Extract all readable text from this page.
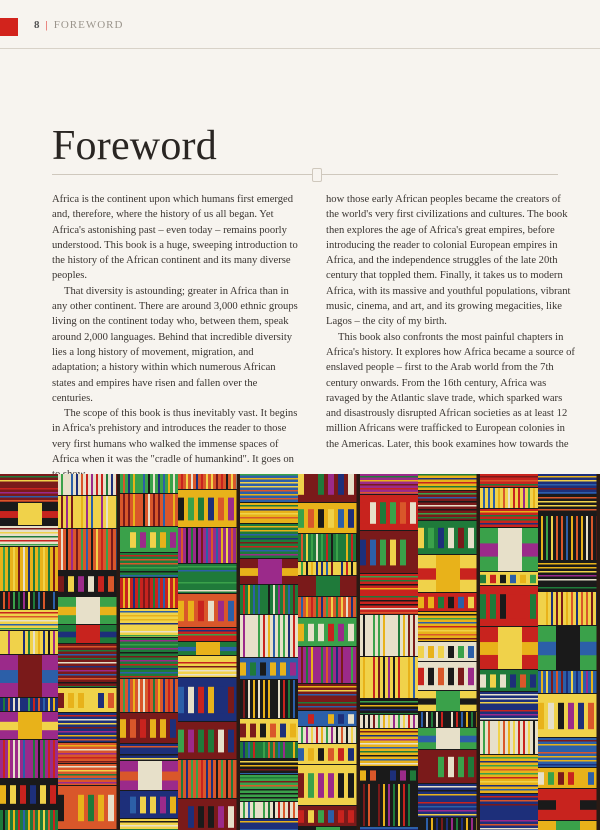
8 | FOREWORD
Foreword

Africa is the continent upon which humans first emerged and, therefore, where the history of us all began. Yet Africa's astonishing past – even today – remains poorly understood. This book is a huge, sweeping introduction to the history of the African continent and its many diverse peoples.

That diversity is astounding; greater in Africa than in any other continent. There are around 3,000 ethnic groups living on the continent today who, between them, speak around 2,000 languages. Behind that incredible diversity lies a long history of movement, migration, and adaptation; a history within which numerous African states and empires have risen and fallen over the centuries.

The scope of this book is thus inevitably vast. It begins in Africa's prehistory and introduces the reader to those very first humans who walked the immense spaces of Africa when it was the "cradle of humankind". It goes on

how those early African peoples became the creators of the world's very first civilizations and cultures. The book then explores the age of Africa's great empires, before introducing the reader to colonial European empires in Africa, and the independence struggles of the late 20th century that toppled them. Finally, it takes us to modern Africa, with its massive and youthful populations, vibrant music, cinema, and art, and its growing megacities, like Lagos – the city of my birth.

This book also confronts the most painful chapters in Africa's history. It explores how Africa became a source of enslaved people – first to the Arab world from the 7th century onwards. From the 16th century, Africa was ravaged by the Atlantic slave trade, which sparked wars and disastrously disrupted African societies as at least 12 million Africans were trafficked to European colonies in the Americas. Later, this book examines how towards the
